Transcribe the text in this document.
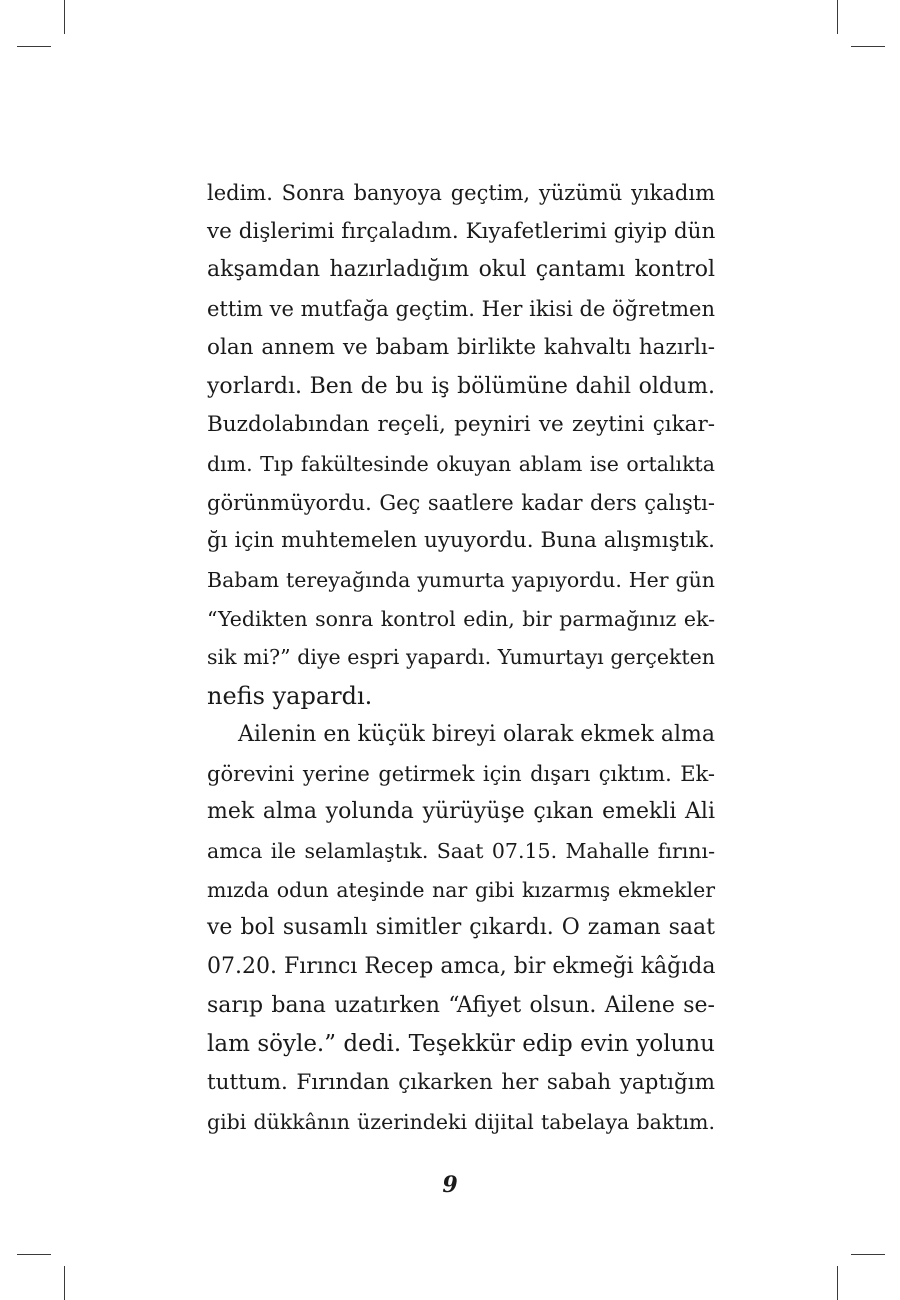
ledim. Sonra banyoya geçtim, yüzümü yıkadım
ve dişlerimi fırçaladım. Kıyafetlerimi giyip dün
akşamdan hazırladığım okul çantamı kontrol
ettim ve mutfağa geçtim. Her ikisi de öğretmen
olan annem ve babam birlikte kahvaltı hazırlı-
yorlardı. Ben de bu iş bölümüne dahil oldum.
Buzdolabından reçeli, peyniri ve zeytini çıkar-
dım. Tıp fakültesinde okuyan ablam ise ortalıkta
görünmüyordu. Geç saatlere kadar ders çalıştı-
ğı için muhtemelen uyuyordu. Buna alışmıştık.
Babam tereyağında yumurta yapıyordu. Her gün
“Yedikten sonra kontrol edin, bir parmağınız ek-
sik mi?” diye espri yapardı. Yumurtayı gerçekten
nefis yapardı.
Ailenin en küçük bireyi olarak ekmek alma
görevini yerine getirmek için dışarı çıktım. Ek-
mek alma yolunda yürüyüşe çıkan emekli Ali
amca ile selamlaştık. Saat 07.15. Mahalle fırını-
mızda odun ateşinde nar gibi kızarmış ekmekler
ve bol susamlı simitler çıkardı. O zaman saat
07.20. Fırıncı Recep amca, bir ekmeği kâğıda
sarıp bana uzatırken “Afiyet olsun. Ailene se-
lam söyle.” dedi. Teşekkür edip evin yolunu
tuttum. Fırından çıkarken her sabah yaptığım
gibi dükkânın üzerindeki dijital tabelaya baktım.
9
